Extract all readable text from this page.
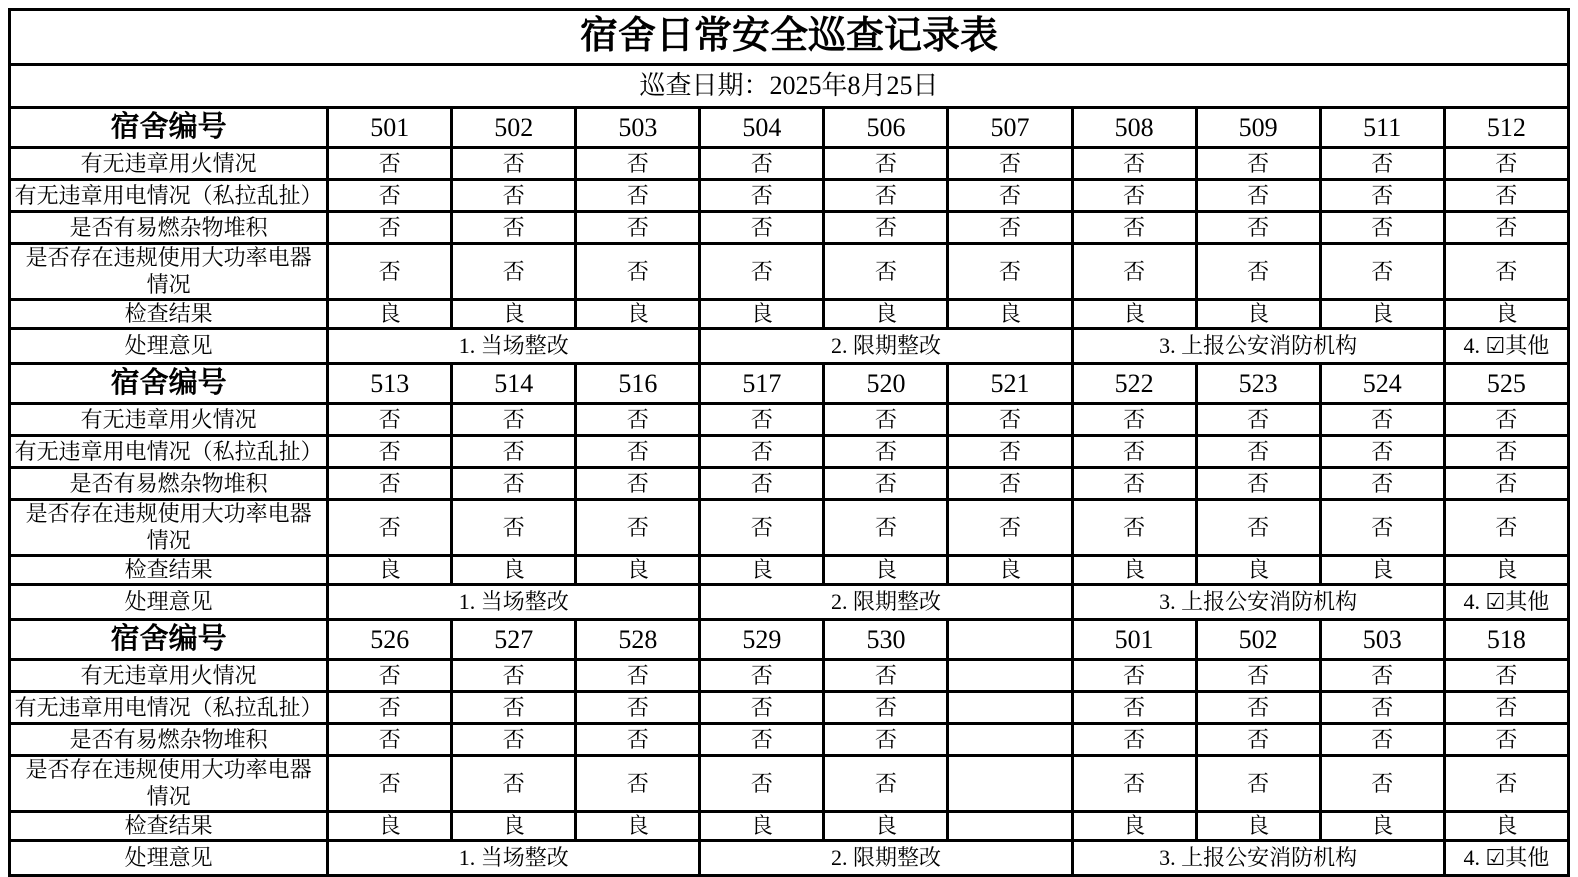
宿舍日常安全巡查记录表										
巡查日期：2025年8月25日										
宿舍编号	501	502	503	504	506	507	508	509	511	512
有无违章用火情况	否	否	否	否	否	否	否	否	否	否
有无违章用电情况（私拉乱扯）	否	否	否	否	否	否	否	否	否	否
是否有易燃杂物堆积	否	否	否	否	否	否	否	否	否	否
是否存在违规使用大功率电器情况	否	否	否	否	否	否	否	否	否	否
检查结果	良	良	良	良	良	良	良	良	良	良
处理意见	1. 当场整改			2. 限期整改			3. 上报公安消防机构			4. ☑其他
宿舍编号	513	514	516	517	520	521	522	523	524	525
有无违章用火情况	否	否	否	否	否	否	否	否	否	否
有无违章用电情况（私拉乱扯）	否	否	否	否	否	否	否	否	否	否
是否有易燃杂物堆积	否	否	否	否	否	否	否	否	否	否
是否存在违规使用大功率电器情况	否	否	否	否	否	否	否	否	否	否
检查结果	良	良	良	良	良	良	良	良	良	良
处理意见	1. 当场整改			2. 限期整改			3. 上报公安消防机构			4. ☑其他
宿舍编号	526	527	528	529	530		501	502	503	518
有无违章用火情况	否	否	否	否	否		否	否	否	否
有无违章用电情况（私拉乱扯）	否	否	否	否	否		否	否	否	否
是否有易燃杂物堆积	否	否	否	否	否		否	否	否	否
是否存在违规使用大功率电器情况	否	否	否	否	否		否	否	否	否
检查结果	良	良	良	良	良		良	良	良	良
处理意见	1. 当场整改			2. 限期整改			3. 上报公安消防机构			4. ☑其他
